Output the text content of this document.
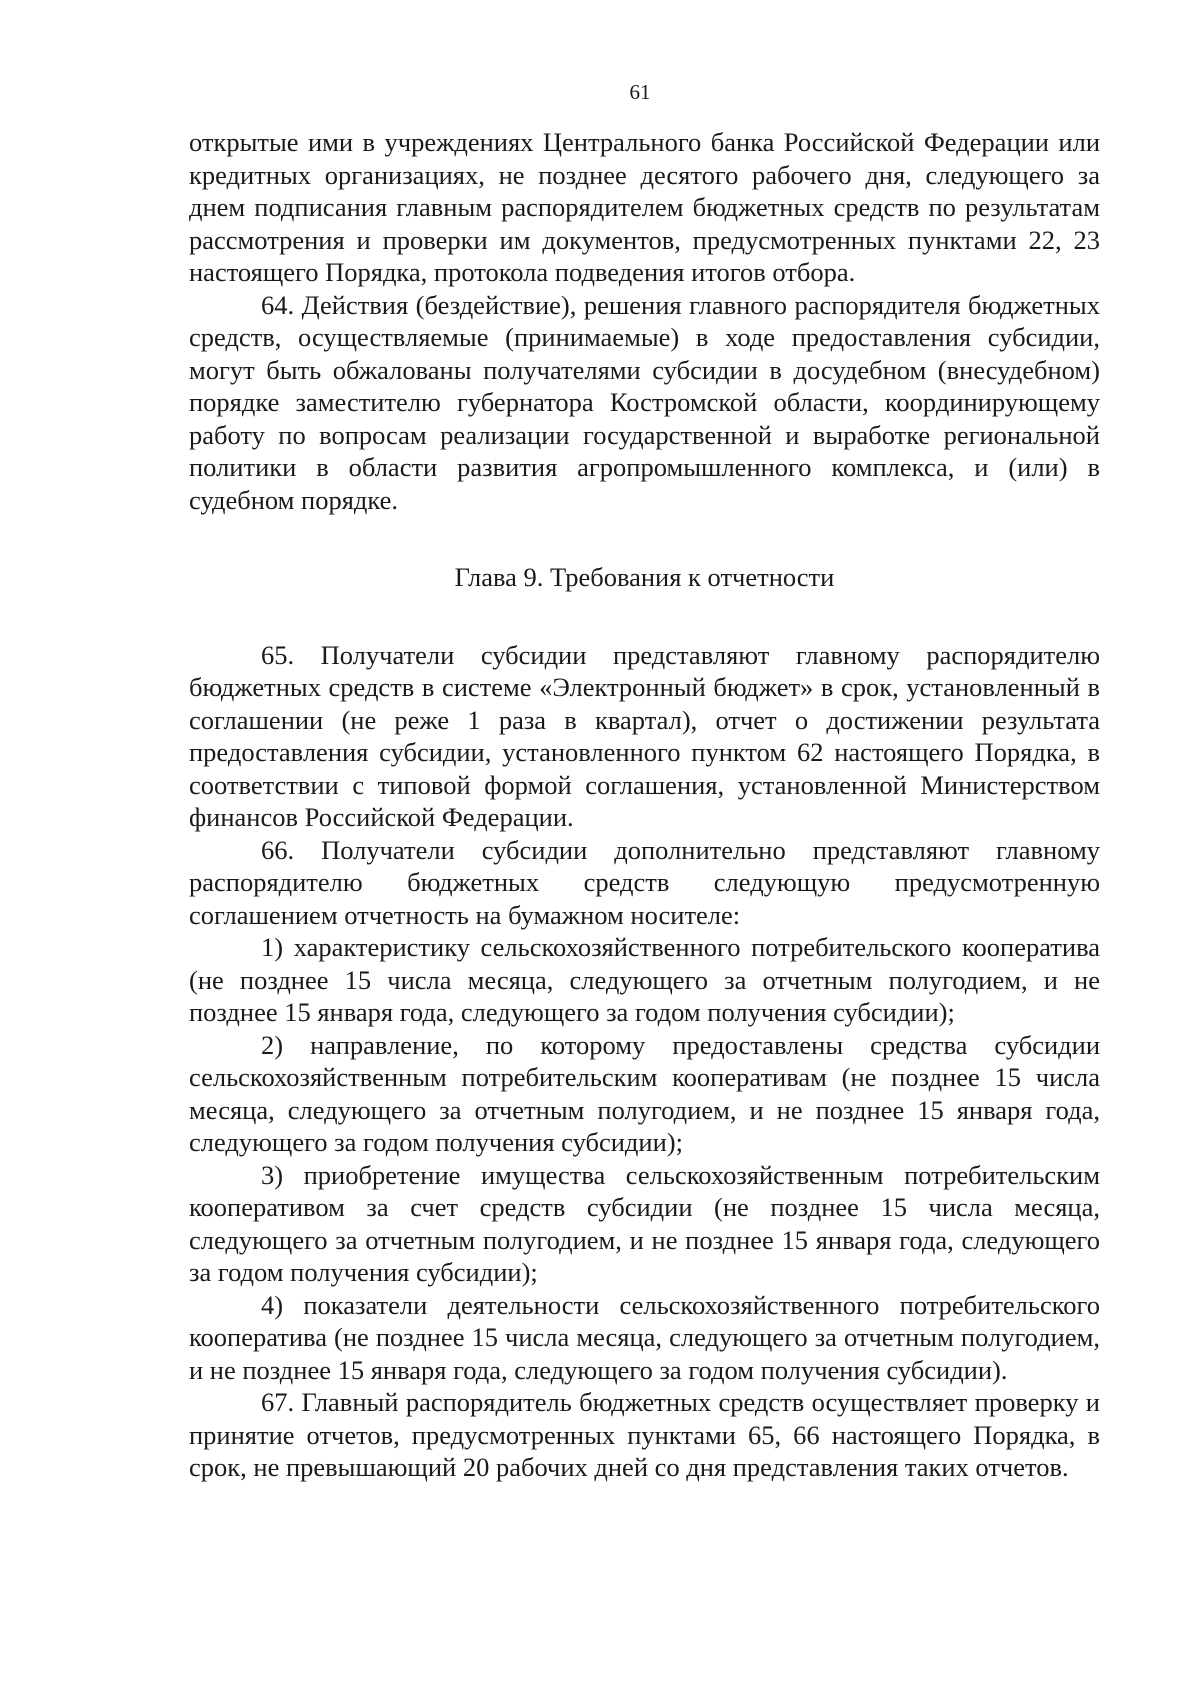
61

открытые ими в учреждениях Центрального банка Российской Федерации или кредитных организациях, не позднее десятого рабочего дня, следующего за днем подписания главным распорядителем бюджетных средств по результатам рассмотрения и проверки им документов, предусмотренных пунктами 22, 23 настоящего Порядка, протокола подведения итогов отбора.

64. Действия (бездействие), решения главного распорядителя бюджетных средств, осуществляемые (принимаемые) в ходе предоставления субсидии, могут быть обжалованы получателями субсидии в досудебном (внесудебном) порядке заместителю губернатора Костромской области, координирующему работу по вопросам реализации государственной и выработке региональной политики в области развития агропромышленного комплекса, и (или) в судебном порядке.

Глава 9. Требования к отчетности

65. Получатели субсидии представляют главному распорядителю бюджетных средств в системе «Электронный бюджет» в срок, установленный в соглашении (не реже 1 раза в квартал), отчет о достижении результата предоставления субсидии, установленного пунктом 62 настоящего Порядка, в соответствии с типовой формой соглашения, установленной Министерством финансов Российской Федерации.

66. Получатели субсидии дополнительно представляют главному распорядителю бюджетных средств следующую предусмотренную соглашением отчетность на бумажном носителе:

1) характеристику сельскохозяйственного потребительского кооператива (не позднее 15 числа месяца, следующего за отчетным полугодием, и не позднее 15 января года, следующего за годом получения субсидии);

2) направление, по которому предоставлены средства субсидии сельскохозяйственным потребительским кооперативам (не позднее 15 числа месяца, следующего за отчетным полугодием, и не позднее 15 января года, следующего за годом получения субсидии);

3) приобретение имущества сельскохозяйственным потребительским кооперативом за счет средств субсидии (не позднее 15 числа месяца, следующего за отчетным полугодием, и не позднее 15 января года, следующего за годом получения субсидии);

4) показатели деятельности сельскохозяйственного потребительского кооператива (не позднее 15 числа месяца, следующего за отчетным полугодием, и не позднее 15 января года, следующего за годом получения субсидии).

67. Главный распорядитель бюджетных средств осуществляет проверку и принятие отчетов, предусмотренных пунктами 65, 66 настоящего Порядка, в срок, не превышающий 20 рабочих дней со дня представления таких отчетов.
